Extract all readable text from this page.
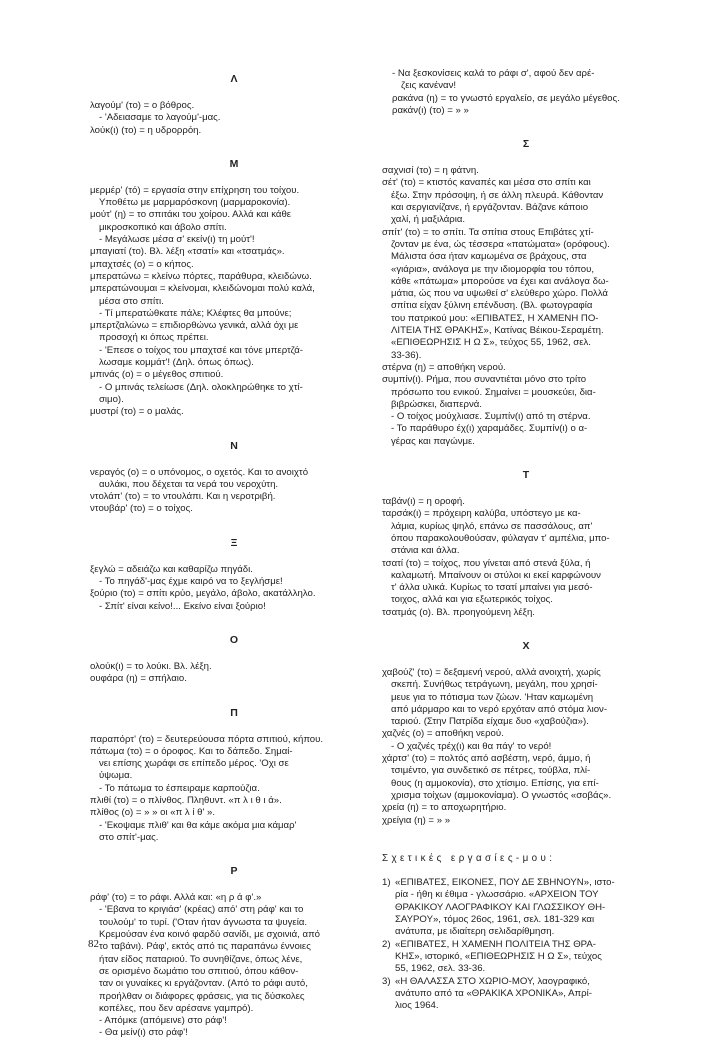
Λ
λαγούμ' (το) = ο βόθρος.
- 'Αδειασαμε το λαγούμ'-μας.
λούκ(ι) (το) = η υδρορρόη.
Μ
μερμέρ' (τό) = εργασία στην επίχρηση του τοίχου.
Υποθέτω με μαρμαρόσκονη (μαρμαροκονία).
μούτ' (η) = το σπιτάκι του χοίρου. Αλλά και κάθε
μικροσκοπικό και άβολο σπίτι.
- Μεγάλωσε μέσα σ' εκείν(ι) τη μούτ'!
μπαγιατί (το). Βλ. λέξη «τσατί» και «τσατμάς».
μπαχτσές (ο) = ο κήπος.
μπερατώνω = κλείνω πόρτες, παράθυρα, κλειδώνω.
μπερατώνουμαι = κλείνομαι, κλειδώνομαι πολύ καλά,
μέσα στο σπίτι.
- Τί μπερατώθκατε πάλε; Κλέφτες θα μπούνε;
μπερτζαλώνω = επιδιορθώνω γενικά, αλλά όχι με
προσοχή κι όπως πρέπει.
- 'Επεσε ο τοίχος του μπαχτσέ και τόνε μπερτζά-
λωσαμε κομμάτ'! (Δηλ. όπως όπως).
μπινάς (ο) = ο μέγεθος σπιτιού.
- Ο μπινάς τελείωσε (Δηλ. ολοκληρώθηκε το χτί-
σιμο).
μυστρί (το) = ο μαλάς.
Ν
νεραγός (ο) = ο υπόνομος, ο οχετός. Και το ανοιχτό
αυλάκι, που δέχεται τα νερά του νεροχύτη.
ντολάπ' (το) = το ντουλάπι. Και η νεροτριβή.
ντουβάρ' (το) = ο τοίχος.
Ξ
ξεγλώ = αδειάζω και καθαρίζω πηγάδι.
- Το πηγάδ'-μας έχμε καιρό να το ξεγλήσμε!
ξούριο (το) = σπίτι κρύο, μεγάλο, άβολο, ακατάλληλο.
- Σπίτ' είναι κείνο!... Εκείνο είναι ξούριο!
Ο
ολούκ(ι) = το λούκι. Βλ. λέξη.
ουφάρα (η) = σπήλαιο.
Π
παραπόρτ' (το) = δευτερεύουσα πόρτα σπιτιού, κήπου.
πάτωμα (το) = ο όροφος. Και το δάπεδο. Σημαί-
νει επίσης χωράφι σε επίπεδο μέρος. 'Οχι σε
ύψωμα.
- Το πάτωμα το έσπειραμε καρπούζια.
πλιθί (το) = ο πλίνθος. Πληθυντ. «π λ ι θ ι ά».
πλίθος (ο) = » » οι «π λ ί θ' ».
- 'Εκοψαμε πλιθ' και θα κάμε ακόμα μια κάμαρ'
στο σπίτ'-μας.
Ρ
ράφ' (το) = το ράφι. Αλλά και: «η ρ ά φ'.»
- 'Εβανα το κριγιάσ' (κρέας) από' στη ράφ' και το
τουλούμ' το τυρί. ('Οταν ήταν άγνωστα τα ψυγεία.
Κρεμούσαν ένα κοινό φαρδύ σανίδι, με σχοινιά, από
το ταβάνι). Ράφ', εκτός από τις παραπάνω έννοιες
ήταν είδος παταριού. Το συνηθίζανε, όπως λένε,
σε ορισμένο δωμάτιο του σπιτιού, όπου κάθον-
ταν οι γυναίκες κι εργάζονταν. (Από το ράφι αυτό,
προήλθαν οι διάφορες φράσεις, για τις δύσκολες
κοπέλες, που δεν αρέσανε γαμπρό).
- Απόμκε (απόμεινε) στο ράφ'!
- Θα μείν(ι) στο ράφ'!
- Να ξεσκονίσεις καλά το ράφι σ', αφού δεν αρέ-
ζεις κανέναν!
ρακάνα (η) = το γνωστό εργαλείο, σε μεγάλο μέγεθος.
ρακάν(ι) (το) = » »
Σ
σαχνισί (το) = η φάτνη.
σέτ' (το) = κτιστός καναπές και μέσα στο σπίτι και
έξω. Στην πρόσοψη, ή σε άλλη πλευρά. Κάθονταν
και σεργιανίζανε, ή εργάζονταν. Βάζανε κάποιο
χαλί, ή μαξιλάρια.
σπίτ' (το) = το σπίτι. Τα σπίτια στους Επιβάτες χτί-
ζονταν με ένα, ώς τέσσερα «πατώματα» (ορόφους).
Μάλιστα όσα ήταν καμωμένα σε βράχους, στα
«γιάρια», ανάλογα με την ιδιομορφία του τόπου,
κάθε «πάτωμα» μπορούσε να έχει και ανάλογα δω-
μάτια, ώς που να υψωθεί σ' ελεύθερο χώρο. Πολλά
σπίτια είχαν ξύλινη επένδυση. (Βλ. φωτογραφία
του πατρικού μου: «ΕΠΙΒΑΤΕΣ, Η ΧΑΜΕΝΗ ΠΟ-
ΛΙΤΕΙΑ ΤΗΣ ΘΡΑΚΗΣ», Κατίνας Βέικου-Σεραμέτη.
«ΕΠΙΘΕΩΡΗΣΙΣ Η Ω Σ», τεύχος 55, 1962, σελ.
33-36).
στέρνα (η) = αποθήκη νερού.
συμπίν(ι). Ρήμα, που συναντιέται μόνο στο τρίτο
πρόσωπο του ενικού. Σημαίνει = μουσκεύει, δια-
βιβρώσκει, διαπερνά.
- Ο τοίχος μούχλιασε. Συμπίν(ι) από τη στέρνα.
- Το παράθυρο έχ(ι) χαραμάδες. Συμπίν(ι) ο α-
γέρας και παγώνμε.
Τ
ταβάν(ι) = η οροφή.
ταρσάκ(ι) = πρόχειρη καλύβα, υπόστεγο με κα-
λάμια, κυρίως ψηλό, επάνω σε πασσάλους, απ'
όπου παρακολουθούσαν, φύλαγαν τ' αμπέλια, μπο-
στάνια και άλλα.
τσατί (το) = τοίχος, που γίνεται από στενά ξύλα, ή
καλαμωτή. Μπαίνουν οι στύλοι κι εκεί καρφώνουν
τ' άλλα υλικά. Κυρίως το τσατί μπαίνει για μεσό-
τοιχος, αλλά και για εξωτερικός τοίχος.
τσατμάς (ο). Βλ. προηγούμενη λέξη.
Χ
χαβούζ' (το) = δεξαμενή νερού, αλλά ανοιχτή, χωρίς
σκεπή. Συνήθως τετράγωνη, μεγάλη, που χρησί-
μευε για το πότισμα των ζώων. 'Ηταν καμωμένη
από μάρμαρο και το νερό ερχόταν από στόμα λιον-
ταριού. (Στην Πατρίδα είχαμε δυο «χαβούζια»).
χαζνές (ο) = αποθήκη νερού.
- Ο χαζνές τρέχ(ι) και θα πάγ' το νερό!
χάρτσ' (το) = πολτός από ασβέστη, νερό, άμμο, ή
τσιμέντο, για συνδετικό σε πέτρες, τούβλα, πλί-
θους (η αμμοκονία), στο χτίσιμο. Επίσης, για επί-
χρισμα τοίχων (αμμοκονίαμα). Ο γνωστός «σοβάς».
χρεία (η) = το αποχωρητήριο.
χρείγια (η) = » »
Σχετικές εργασίες-μου:
1) «ΕΠΙΒΑΤΕΣ, ΕΙΚΟΝΕΣ, ΠΟΥ ΔΕ ΣΒΗΝΟΥΝ», ιστο-
ρία - ήθη κι έθιμα - γλωσσάριο. «ΑΡΧΕΙΟΝ ΤΟΥ
ΘΡΑΚΙΚΟΥ ΛΑΟΓΡΑΦΙΚΟΥ ΚΑΙ ΓΛΩΣΣΙΚΟΥ ΘΗ-
ΣΑΥΡΟΥ», τόμος 26ος, 1961, σελ. 181-329 και
ανάτυπα, με ιδιαίτερη σελιδαρίθμηση.
2) «ΕΠΙΒΑΤΕΣ, Η ΧΑΜΕΝΗ ΠΟΛΙΤΕΙΑ ΤΗΣ ΘΡΑ-
ΚΗΣ», ιστορικό, «ΕΠΙΘΕΩΡΗΣΙΣ Η Ω Σ», τεύχος
55, 1962, σελ. 33-36.
3) «Η ΘΑΛΑΣΣΑ ΣΤΟ ΧΩΡΙΟ-ΜΟΥ, λαογραφικό,
ανάτυπο από τα «ΘΡΑΚΙΚΑ ΧΡΟΝΙΚΑ», Απρί-
λιος 1964.
82
